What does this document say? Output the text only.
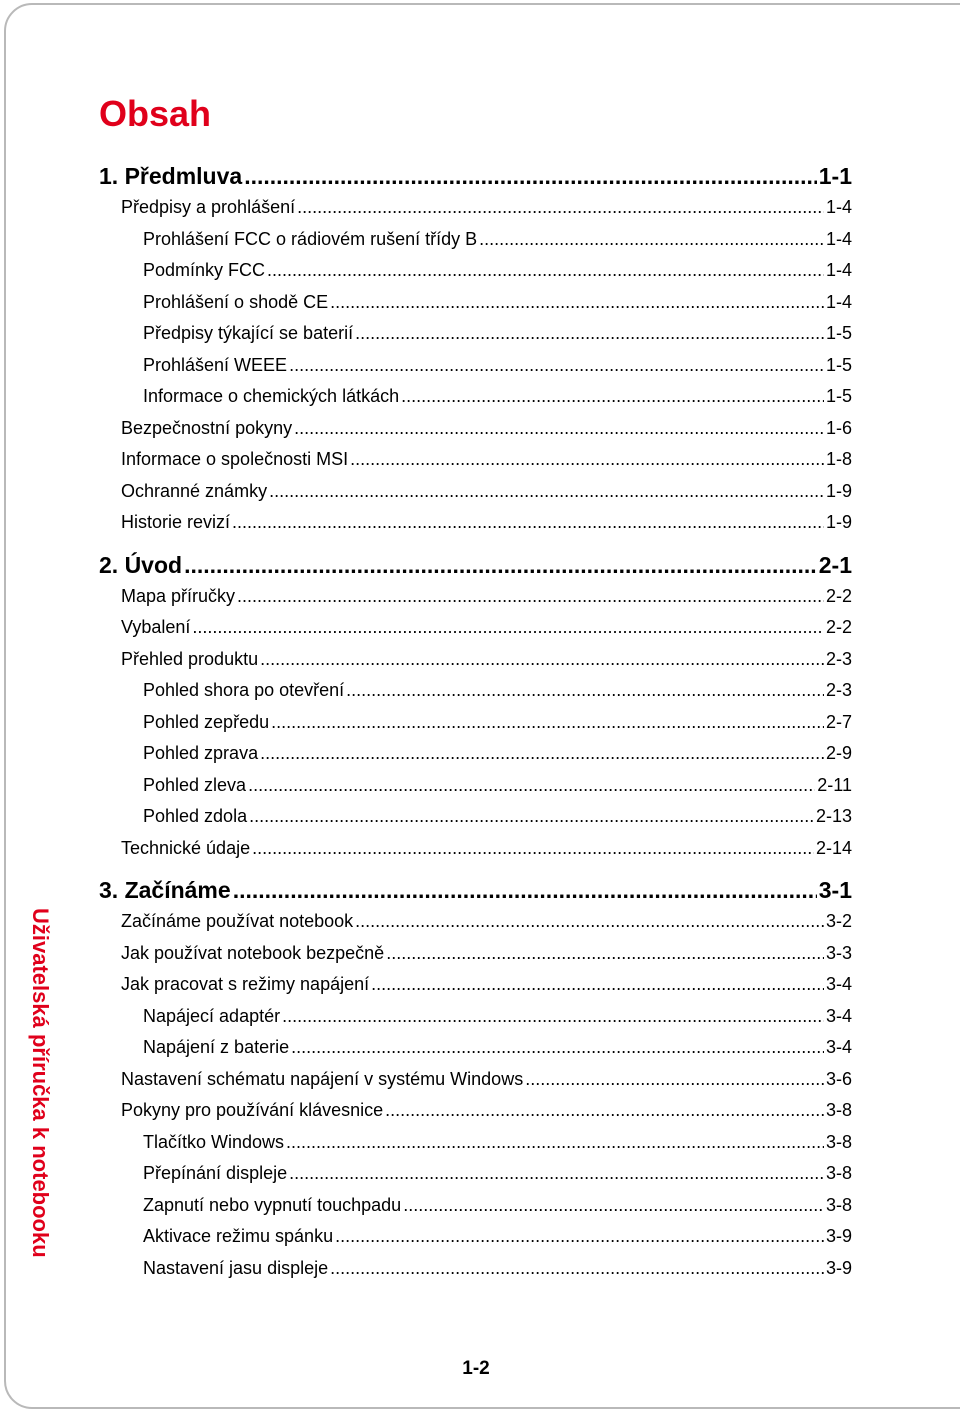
Obsah
1. Předmluva .....	1-1
Předpisy a prohlášení .....	1-4
Prohlášení FCC o rádiovém rušení třídy B .....	1-4
Podmínky FCC .....	1-4
Prohlášení o shodě CE .....	1-4
Předpisy týkající se baterií .....	1-5
Prohlášení WEEE .....	1-5
Informace o chemických látkách .....	1-5
Bezpečnostní pokyny .....	1-6
Informace o společnosti MSI .....	1-8
Ochranné známky .....	1-9
Historie revizí .....	1-9
2. Úvod .....	2-1
Mapa příručky .....	2-2
Vybalení .....	2-2
Přehled produktu .....	2-3
Pohled shora po otevření .....	2-3
Pohled zepředu .....	2-7
Pohled zprava .....	2-9
Pohled zleva .....	2-11
Pohled zdola .....	2-13
Technické údaje .....	2-14
3. Začínáme .....	3-1
Začínáme používat notebook .....	3-2
Jak používat notebook bezpečně .....	3-3
Jak pracovat s režimy napájení .....	3-4
Napájecí adaptér .....	3-4
Napájení z baterie .....	3-4
Nastavení schématu napájení v systému Windows .....	3-6
Pokyny pro používání klávesnice .....	3-8
Tlačítko Windows .....	3-8
Přepínání displeje .....	3-8
Zapnutí nebo vypnutí touchpadu .....	3-8
Aktivace režimu spánku .....	3-9
Nastavení jasu displeje .....	3-9
Uživatelská příručka k notebooku
1-2
